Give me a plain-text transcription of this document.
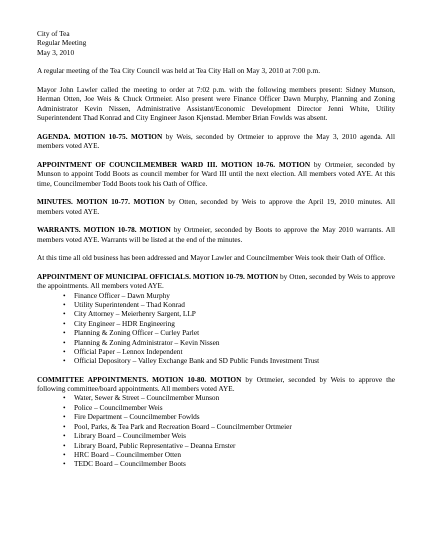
City of Tea
Regular Meeting
May 3, 2010

A regular meeting of the Tea City Council was held at Tea City Hall on May 3, 2010 at 7:00 p.m.

Mayor John Lawler called the meeting to order at 7:02 p.m. with the following members present: Sidney Munson, Herman Otten, Joe Weis & Chuck Ortmeier. Also present were Finance Officer Dawn Murphy, Planning and Zoning Administrator Kevin Nissen, Administrative Assistant/Economic Development Director Jenni White, Utility Superintendent Thad Konrad and City Engineer Jason Kjenstad. Member Brian Fowlds was absent.

AGENDA. MOTION 10-75. MOTION by Weis, seconded by Ortmeier to approve the May 3, 2010 agenda. All members voted AYE.

APPOINTMENT OF COUNCILMEMBER WARD III. MOTION 10-76. MOTION by Ortmeier, seconded by Munson to appoint Todd Boots as council member for Ward III until the next election. All members voted AYE. At this time, Councilmember Todd Boots took his Oath of Office.

MINUTES. MOTION 10-77. MOTION by Otten, seconded by Weis to approve the April 19, 2010 minutes. All members voted AYE.

WARRANTS. MOTION 10-78. MOTION by Ortmeier, seconded by Boots to approve the May 2010 warrants. All members voted AYE. Warrants will be listed at the end of the minutes.

At this time all old business has been addressed and Mayor Lawler and Councilmember Weis took their Oath of Office.

APPOINTMENT OF MUNICIPAL OFFICIALS. MOTION 10-79. MOTION by Otten, seconded by Weis to approve the appointments. All members voted AYE.

• Finance Officer – Dawn Murphy
• Utility Superintendent – Thad Konrad
• City Attorney – Meierhenry Sargent, LLP
• City Engineer – HDR Engineering
• Planning & Zoning Officer – Curley Parlet
• Planning & Zoning Administrator – Kevin Nissen
• Official Paper – Lennox Independent
• Official Depository – Valley Exchange Bank and SD Public Funds Investment Trust

COMMITTEE APPOINTMENTS. MOTION 10-80. MOTION by Ortmeier, seconded by Weis to approve the following committee/board appointments. All members voted AYE.

• Water, Sewer & Street – Councilmember Munson
• Police – Councilmember Weis
• Fire Department – Councilmember Fowlds
• Pool, Parks, & Tea Park and Recreation Board – Councilmember Ortmeier
• Library Board – Councilmember Weis
• Library Board, Public Representative – Deanna Ernster
• HRC Board – Councilmember Otten
• TEDC Board – Councilmember Boots
